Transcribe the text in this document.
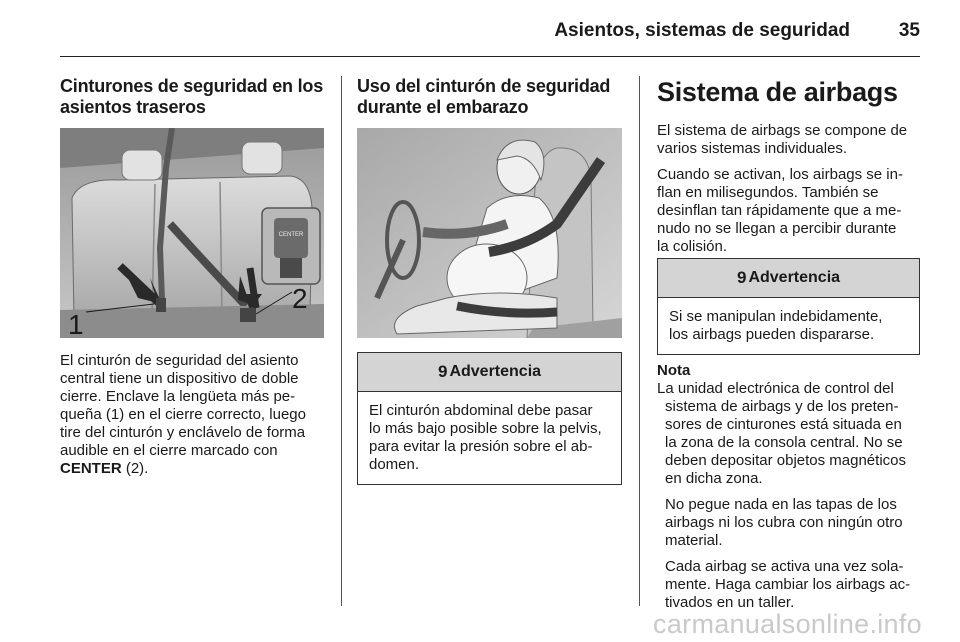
Asientos, sistemas de seguridad	35
Cinturones de seguridad en los
asientos traseros
CENTER
1
2

El cinturón de seguridad del asiento
central tiene un dispositivo de doble
cierre. Enclave la lengüeta más pe-
queña (1) en el cierre correcto, luego
tire del cinturón y enclávelo de forma
audible en el cierre marcado con
CENTER (2).

Uso del cinturón de seguridad
durante el embarazo
9 Advertencia
El cinturón abdominal debe pasar
lo más bajo posible sobre la pelvis,
para evitar la presión sobre el ab-
domen.
Sistema de airbags

El sistema de airbags se compone de
varios sistemas individuales.

Cuando se activan, los airbags se in-
flan en milisegundos. También se
desinflan tan rápidamente que a me-
nudo no se llegan a percibir durante
la colisión.

9 Advertencia
Si se manipulan indebidamente,
los airbags pueden dispararse.

Nota

La unidad electrónica de control del
sistema de airbags y de los preten-
sores de cinturones está situada en
la zona de la consola central. No se
deben depositar objetos magnéticos
en dicha zona.

No pegue nada en las tapas de los
airbags ni los cubra con ningún otro
material.

Cada airbag se activa una vez sola-
mente. Haga cambiar los airbags ac-
tivados en un taller.

carmanualsonline.info
